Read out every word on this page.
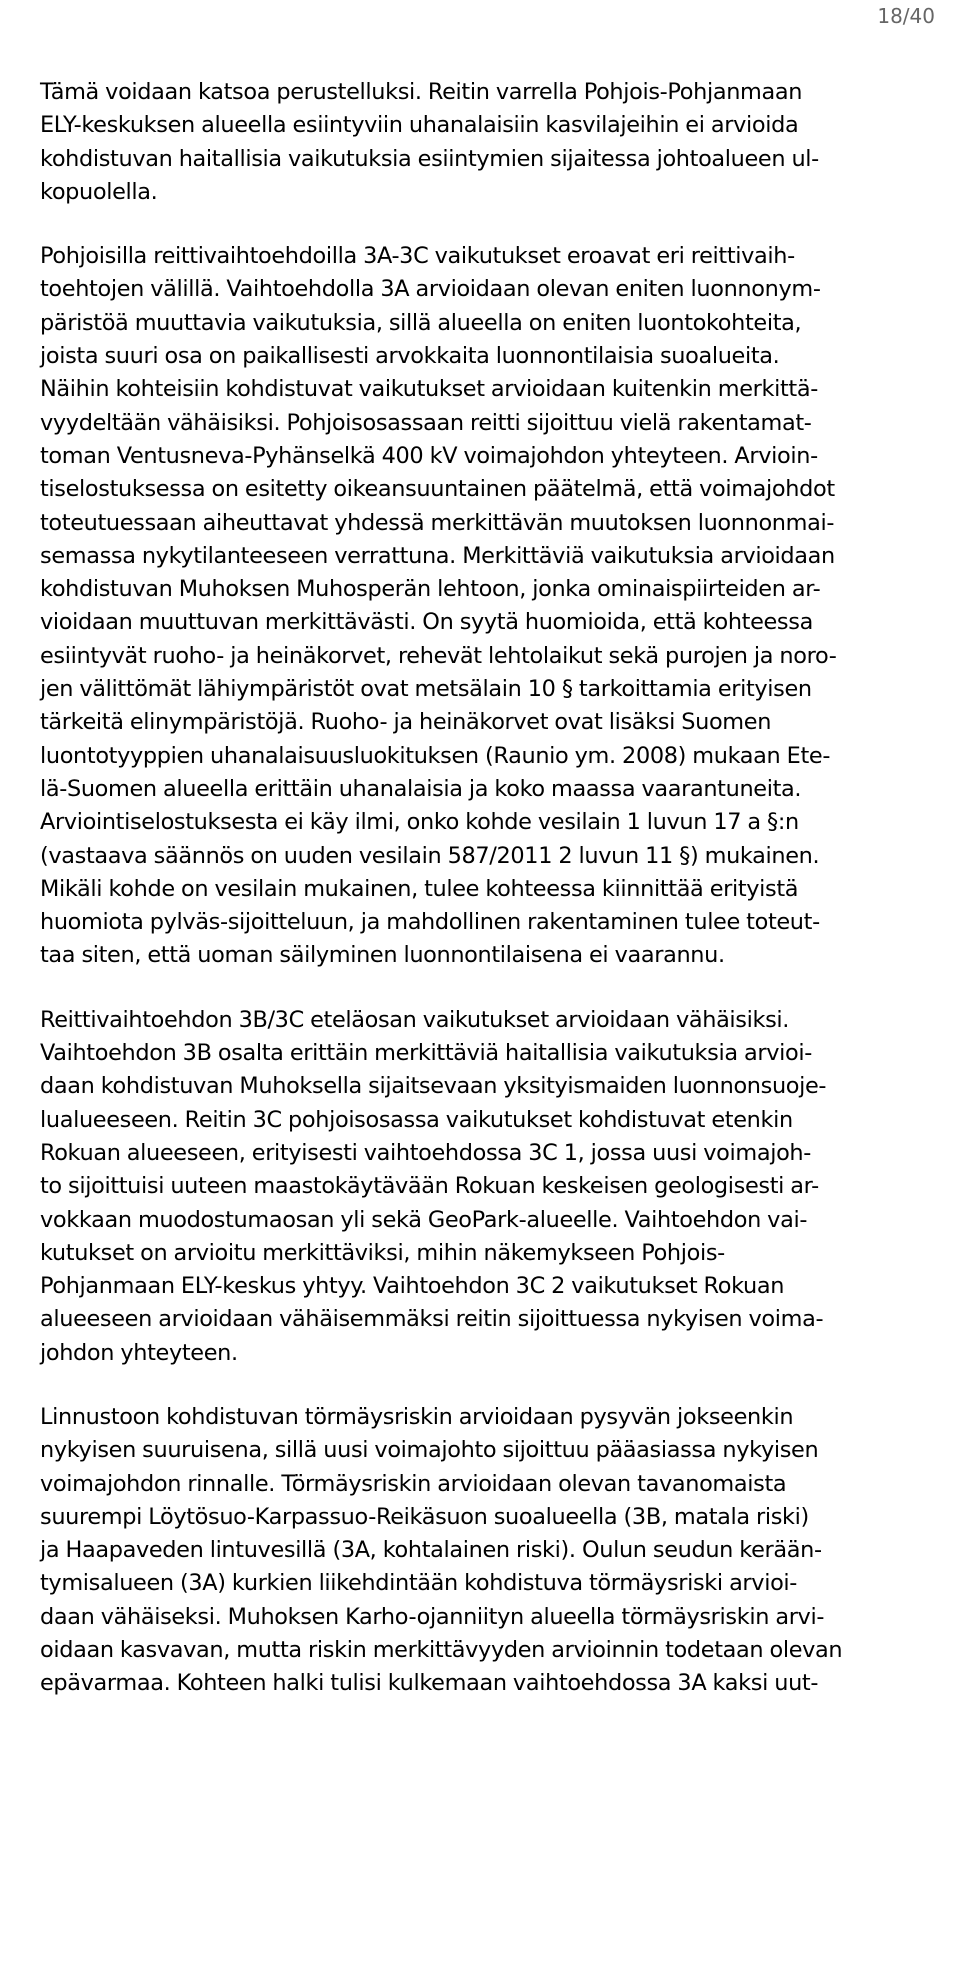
18/40

Tämä voidaan katsoa perustelluksi. Reitin varrella Pohjois-Pohjanmaan
ELY-keskuksen alueella esiintyviin uhanalaisiin kasvilajeihin ei arvioida
kohdistuvan haitallisia vaikutuksia esiintymien sijaitessa johtoalueen ul-
kopuolella.

Pohjoisilla reittivaihtoehdoilla 3A-3C vaikutukset eroavat eri reittivaih-
toehtojen välillä. Vaihtoehdolla 3A arvioidaan olevan eniten luonnonym-
päristöä muuttavia vaikutuksia, sillä alueella on eniten luontokohteita,
joista suuri osa on paikallisesti arvokkaita luonnontilaisia suoalueita.
Näihin kohteisiin kohdistuvat vaikutukset arvioidaan kuitenkin merkittä-
vyydeltään vähäisiksi. Pohjoisosassaan reitti sijoittuu vielä rakentamat-
toman Ventusneva-Pyhänselkä 400 kV voimajohdon yhteyteen. Arvioin-
tiselostuksessa on esitetty oikeansuuntainen päätelmä, että voimajohdot
toteutuessaan aiheuttavat yhdessä merkittävän muutoksen luonnonmai-
semassa nykytilanteeseen verrattuna. Merkittäviä vaikutuksia arvioidaan
kohdistuvan Muhoksen Muhosperän lehtoon, jonka ominaispiirteiden ar-
vioidaan muuttuvan merkittävästi. On syytä huomioida, että kohteessa
esiintyvät ruoho- ja heinäkorvet, rehevät lehtolaikut sekä purojen ja noro-
jen välittömät lähiympäristöt ovat metsälain 10 § tarkoittamia erityisen
tärkeitä elinympäristöjä. Ruoho- ja heinäkorvet ovat lisäksi Suomen
luontotyyppien uhanalaisuusluokituksen (Raunio ym. 2008) mukaan Ete-
lä-Suomen alueella erittäin uhanalaisia ja koko maassa vaarantuneita.
Arviointiselostuksesta ei käy ilmi, onko kohde vesilain 1 luvun 17 a §:n
(vastaava säännös on uuden vesilain 587/2011 2 luvun 11 §) mukainen.
Mikäli kohde on vesilain mukainen, tulee kohteessa kiinnittää erityistä
huomiota pylväs-sijoitteluun, ja mahdollinen rakentaminen tulee toteut-
taa siten, että uoman säilyminen luonnontilaisena ei vaarannu.

Reittivaihtoehdon 3B/3C eteläosan vaikutukset arvioidaan vähäisiksi.
Vaihtoehdon 3B osalta erittäin merkittäviä haitallisia vaikutuksia arvioi-
daan kohdistuvan Muhoksella sijaitsevaan yksityismaiden luonnonsuoje-
lualueeseen. Reitin 3C pohjoisosassa vaikutukset kohdistuvat etenkin
Rokuan alueeseen, erityisesti vaihtoehdossa 3C 1, jossa uusi voimajoh-
to sijoittuisi uuteen maastokäytävään Rokuan keskeisen geologisesti ar-
vokkaan muodostumaosan yli sekä GeoPark-alueelle. Vaihtoehdon vai-
kutukset on arvioitu merkittäviksi, mihin näkemykseen Pohjois-
Pohjanmaan ELY-keskus yhtyy. Vaihtoehdon 3C 2 vaikutukset Rokuan
alueeseen arvioidaan vähäisemmäksi reitin sijoittuessa nykyisen voima-
johdon yhteyteen.

Linnustoon kohdistuvan törmäysriskin arvioidaan pysyvän jokseenkin
nykyisen suuruisena, sillä uusi voimajohto sijoittuu pääasiassa nykyisen
voimajohdon rinnalle. Törmäysriskin arvioidaan olevan tavanomaista
suurempi Löytösuo-Karpassuo-Reikäsuon suoalueella (3B, matala riski)
ja Haapaveden lintuvesillä (3A, kohtalainen riski). Oulun seudun kerään-
tymisalueen (3A) kurkien liikehdintään kohdistuva törmäysriski arvioi-
daan vähäiseksi. Muhoksen Karho-ojanniityn alueella törmäysriskin arvi-
oidaan kasvavan, mutta riskin merkittävyyden arvioinnin todetaan olevan
epävarmaa. Kohteen halki tulisi kulkemaan vaihtoehdossa 3A kaksi uut-
